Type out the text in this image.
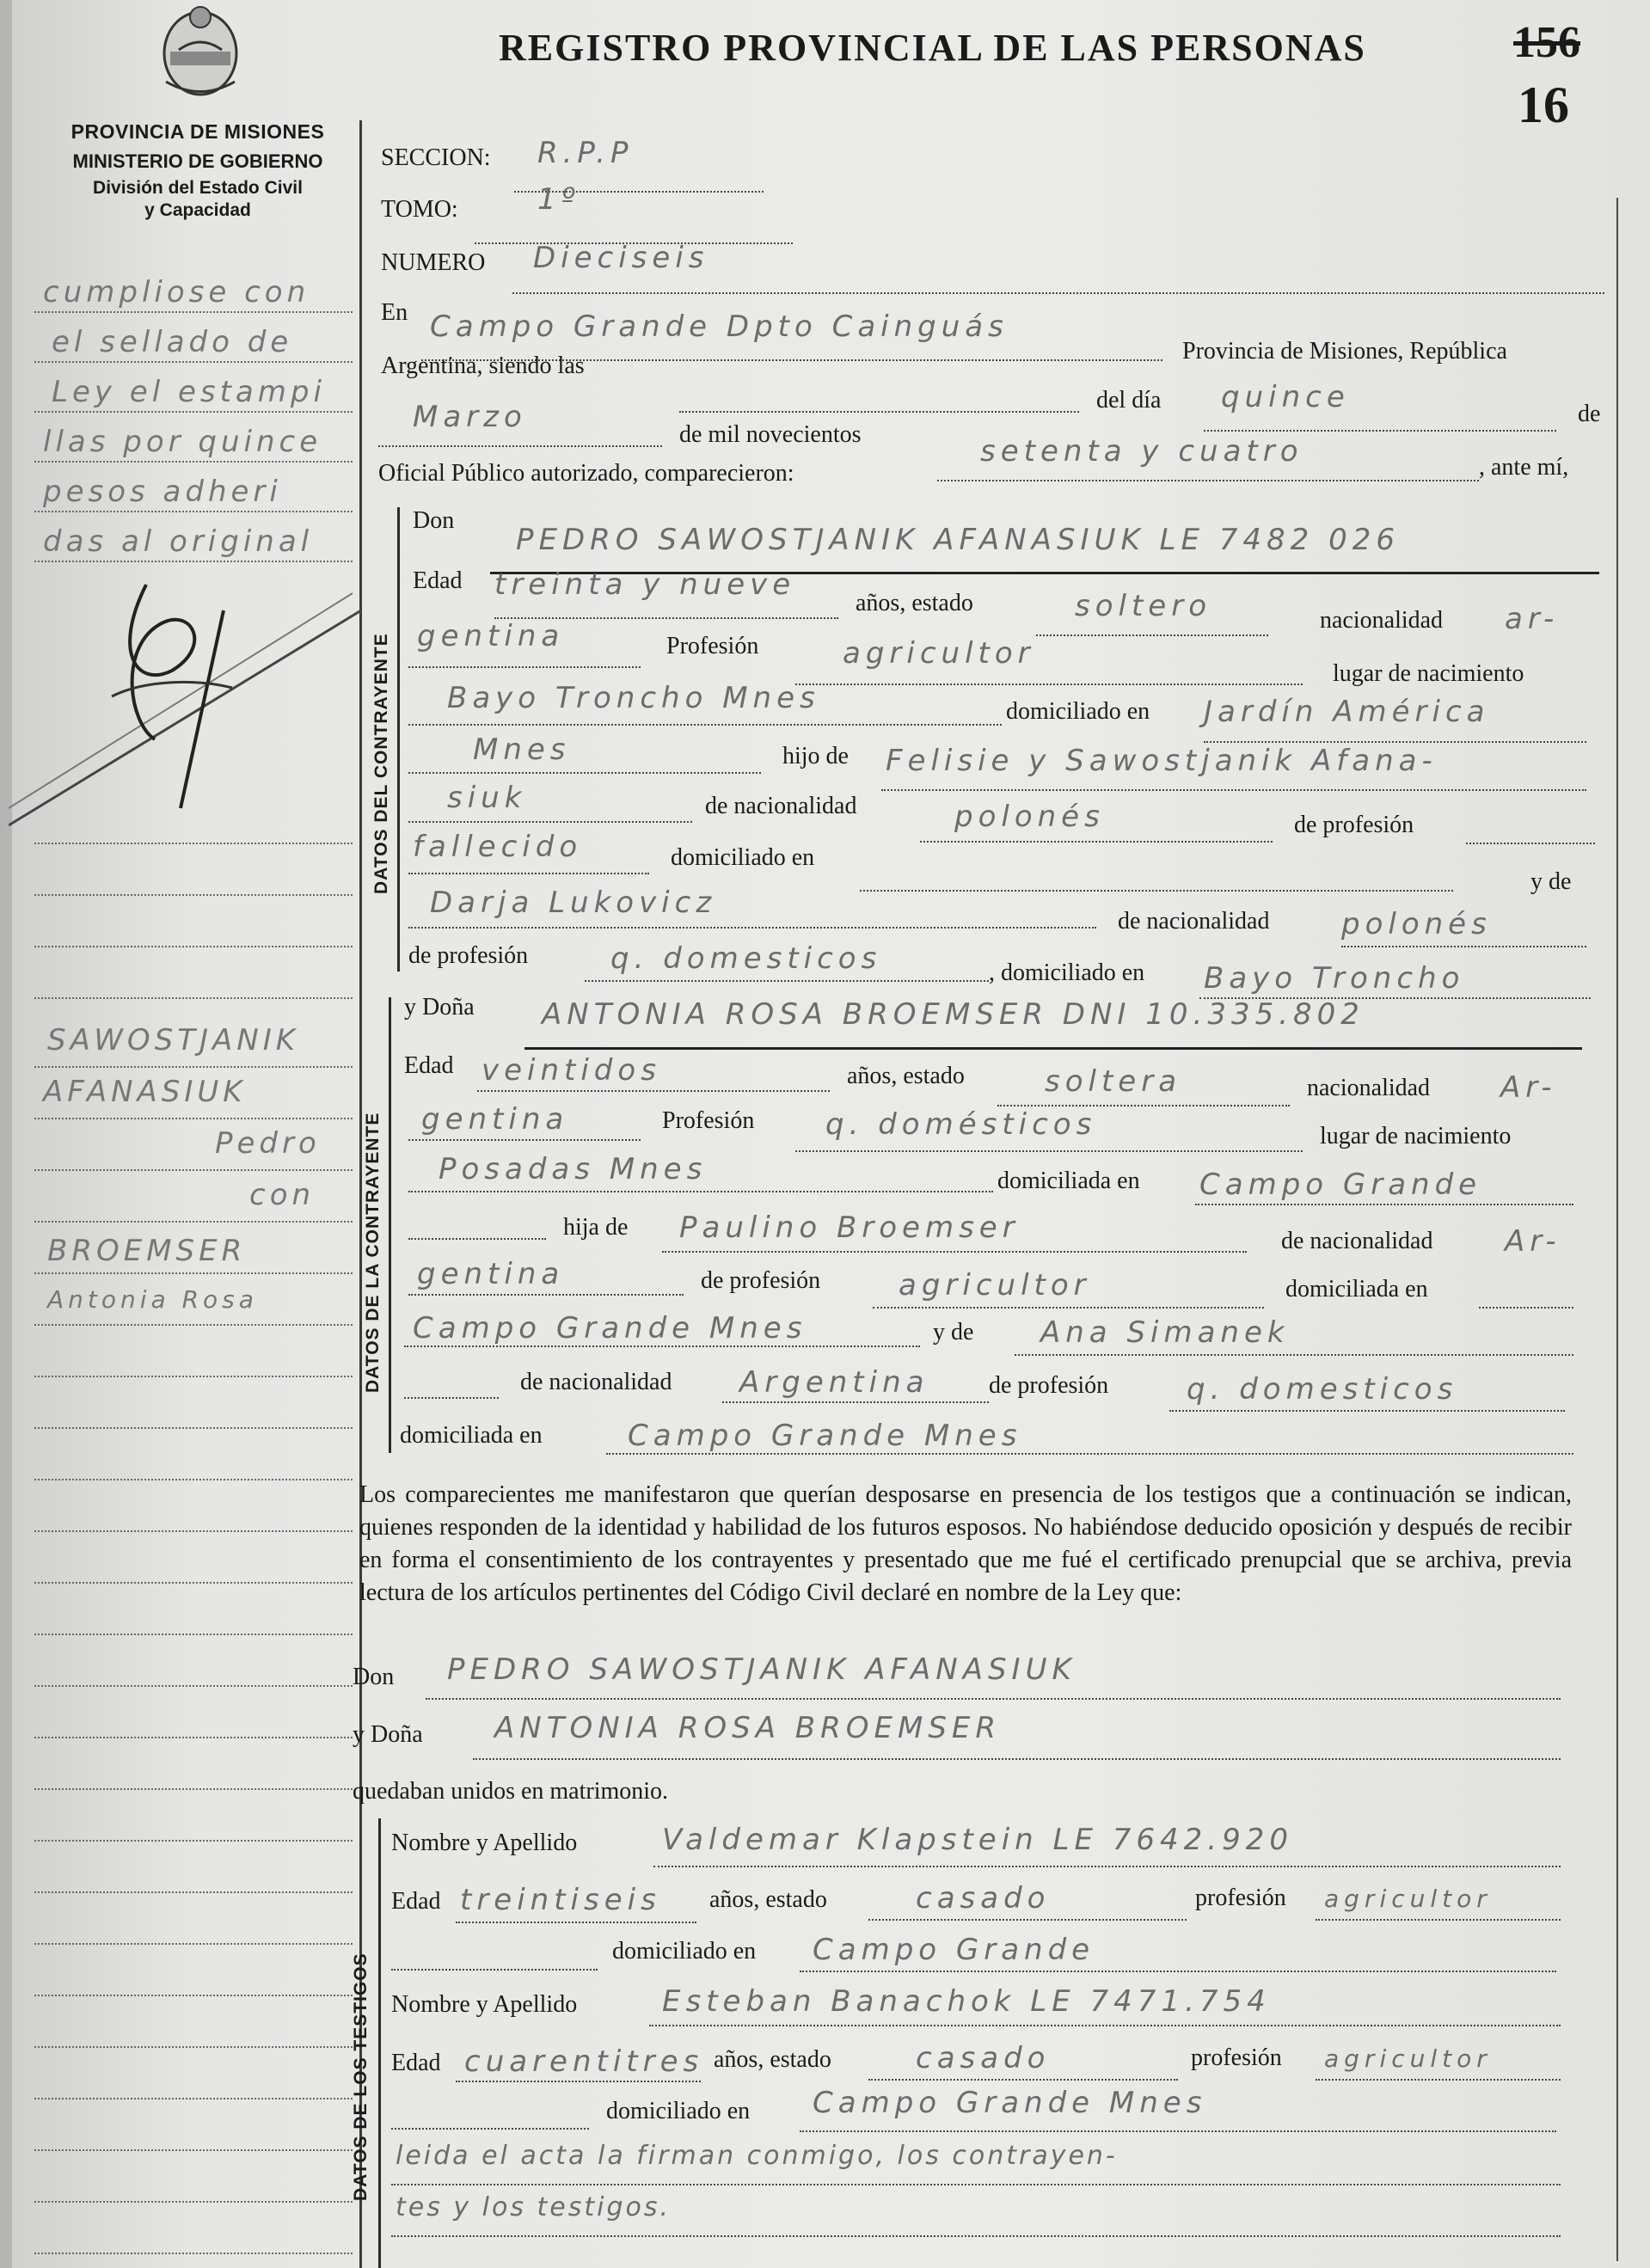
PROVINCIA DE MISIONES
MINISTERIO DE GOBIERNO
División del Estado Civil
y Capacidad
REGISTRO PROVINCIAL DE LAS PERSONAS	156
16
cumpliose con
el sellado de
Ley el estampi
llas por quince
pesos adheri
das al original
SAWOSTJANIK
AFANASIUK
Pedro
con
BROEMSER
Antonia Rosa
SECCION: R.P.P
TOMO:	1º
NUMERO Dieciseis
En Campo Grande Dpto Cainguás
Provincia de Misiones, República
Argentina, siendo las
del día quince	de
Marzo
de mil novecientos	setenta y cuatro	, ante mí,
Oficial Público autorizado, comparecieron:
DATOS DEL CONTRAYENTE
Don
PEDRO SAWOSTJANIK AFANASIUK LE 7482 026
Edad treinta y nueve
años, estado	soltero	nacionalidad ar-
gentina	Profesión	agricultor
lugar de nacimiento
Bayo Troncho Mnes	domiciliado en Jardín América
Mnes	hijo de Felisie y Sawostjanik Afana-
siuk	de nacionalidad	polonés	de profesión
fallecido	domiciliado en
y de
Darja Lukovicz
de nacionalidad polonés
de profesión	q. domesticos	, domiciliado en Bayo Troncho
DATOS DE LA CONTRAYENTE
y Doña ANTONIA ROSA BROEMSER DNI 10.335.802
Edad veintidos	años, estado	soltera	nacionalidad Ar-
gentina	Profesión q. domésticos	lugar de nacimiento
Posadas Mnes	domiciliada en Campo Grande
hija de Paulino Broemser	de nacionalidad Ar-
gentina	de profesión	agricultor	domiciliada en
Campo Grande Mnes	y de Ana Simanek
de nacionalidad Argentina de profesión	q. domesticos
domiciliada en	Campo Grande Mnes
Los comparecientes me manifestaron que querían desposarse en presencia de los testigos que a continuación se indican, quienes responden de la identidad y habilidad de los futuros esposos. No habiéndose deducido oposición y después de recibir en forma el consentimiento de los contrayentes y presentado que me fué el certificado prenupcial que se archiva, previa lectura de los artículos pertinentes del Código Civil declaré en nombre de la Ley que:
Don PEDRO SAWOSTJANIK AFANASIUK
y Doña ANTONIA ROSA BROEMSER
quedaban unidos en matrimonio.
DATOS DE LOS TESTIGOS
Nombre y Apellido	Valdemar Klapstein LE 7642.920
Edad treintiseis años, estado	casado	profesión agricultor
domiciliado en Campo Grande
Nombre y Apellido	Esteban Banachok LE 7471.754
Edad cuarentitres años, estado	casado	profesión agricultor
domiciliado en Campo Grande Mnes
leida el acta la firman conmigo, los contrayen-
tes y los testigos.
